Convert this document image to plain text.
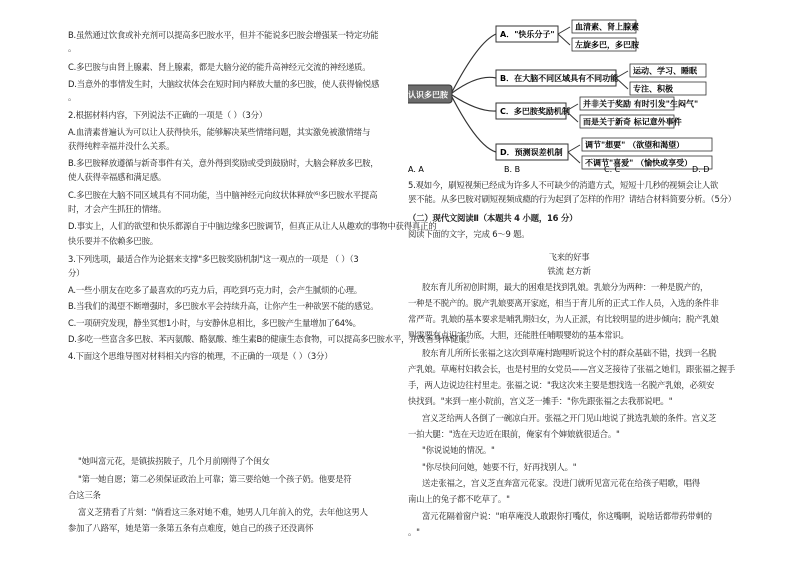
B.虽然通过饮食或补充剂可以提高多巴胺水平，但并不能说多巴胺会增强某一特定功能
。
C.多巴胺与由肾上腺素、肾上腺素，都是大脑分泌的能升高神经元交流的神经递质。
D.当意外的事情发生时，大脑纹状体会在短时间内释放大量的多巴胺，使人获得愉悦感
。
2.根据材料内容，下列说法不正确的一项是（ ）（3分）
A.血清素普遍认为可以让人获得快乐，能够解决某些情绪问题，其实激免被激情绪与
获得纯粹幸福并没什么关系。
B.多巴胺释放遵循与新奇事件有关，意外得到奖励或受到鼓励时，大脑会释放多巴胺，
使人获得幸福感和满足感。
C.多巴胺在大脑不同区域具有不同功能，当中脑神经元向纹状体释放⁽⁶⁾多巴胺水平提高
时，才会产生抓狂的情绪。
D.事实上，人们的欲望和快乐都源自于中脑边缘多巴胺调节，但真正从让人从趣欢的事物中获得真正的
快乐要并不依赖多巴胺。
3.下列选项，最适合作为论据来支撑"多巴胺奖励机制"这一观点的一项是 （ ）（3
分）
A.一些小朋友在吃多了最喜欢的巧克力后，再吃到巧克力时，会产生腻烦的心理。
B.当我们的渴望不断增强时，多巴胺水平会持续升高，让你产生一种欲罢不能的感觉。
C.一项研究发现，静坐冥想1小时，与安静休息相比，多巴胺产生量增加了64%。
D.多吃一些富含多巴胺、苯丙氨酸、酪氨酸、维生素B的健康生态食物，可以提高多巴胺水平，并改善身体健康。
4.下面这个思维导图对材料相关内容的梳理，不正确的一项是（ ）（3分）
"她叫富元花，是镇拔拐陂子，几个月前刚得了个闺女
"第一她自愿；第二必须保证政治上可靠；第三要给她一个孩子奶。他要是符
合这三条
富义芝猜看了片刻："倘看这三条对她不难，她男人几年前入的党，去年他这男人
参加了八路军，她是第一条第五条有点难度，她自己的孩子还没离怀
认识多巴胺
A．"快乐分子"
血清素、肾上腺素
左旋多巴，多巴胺
B．在大脑不同区域具有不同功能
运动、学习、睡眠
专注、积极
C．多巴胺奖励机制
并非关于奖励 有时引发"生闷气"
而是关于新奇 标记意外事件
D．预测误差机制
调节"想要" （欲望和渴望）
不调节"喜爱" （愉快或享受）
A. A	B. B	C. C	D. D
5.观如今，刷短视频已经成为许多人不可缺少的消遣方式，短短十几秒的视频会让人欲
罢不能。从多巴胺对刷短视频成瘾的行为起到了怎样的作用？请结合材料简要分析。（5分）
（二）现代文阅读Ⅱ（本题共 4 小题，16 分）
阅读下面的文字，完成 6～9 题。
飞来的好事
铁流 赵方新
胶东育儿所初创时期，最大的困难是找到乳娘。乳娘分为两种：一种是脱产的，
一种是不脱产的。脱产乳娘要离开家庭，相当于育儿所的正式工作人员，入选的条件非
常严苛。乳娘的基本要求是哺乳期妇女，为人正派，有比较明显的进步倾向；脱产乳娘
则需要有点识字功底，大胆，还能胜任哺喂婴幼的基本常识。
胶东育儿所所长张福之这次到草庵村跑哩听说这个村的群众基础不错，找到一名脱
产乳娘。草庵村妇救会长，也是村里的女党员——宫义芝接待了张福之她们，跟张福之握手
手，两人边说边往村里走。张福之说："我这次来主要是想找选一名脱产乳娘，必须安
快找到。"来到一座小院前，宫义芝一摊手："你先跟张福之去我那说吧。"
宫义芝给两人各倒了一碗凉白开。张福之开门见山地说了挑选乳娘的条件。宫义芝
一拍大腿："选在天边近在眼前，俺家有个婶娘就很适合。"
"你说说她的情况。"
"你尽快问问她，她要不行，好再找别人。"
送走张福之，宫义芝直奔富元花家。没进门就听见富元花在给孩子唱歌，唱得
南山上的兔子都不吃草了。"
富元花隔着窗户说："咱草庵没人敢跟你打嘴仗，你这嘴啊，说啥话都带药带刺的
。"
